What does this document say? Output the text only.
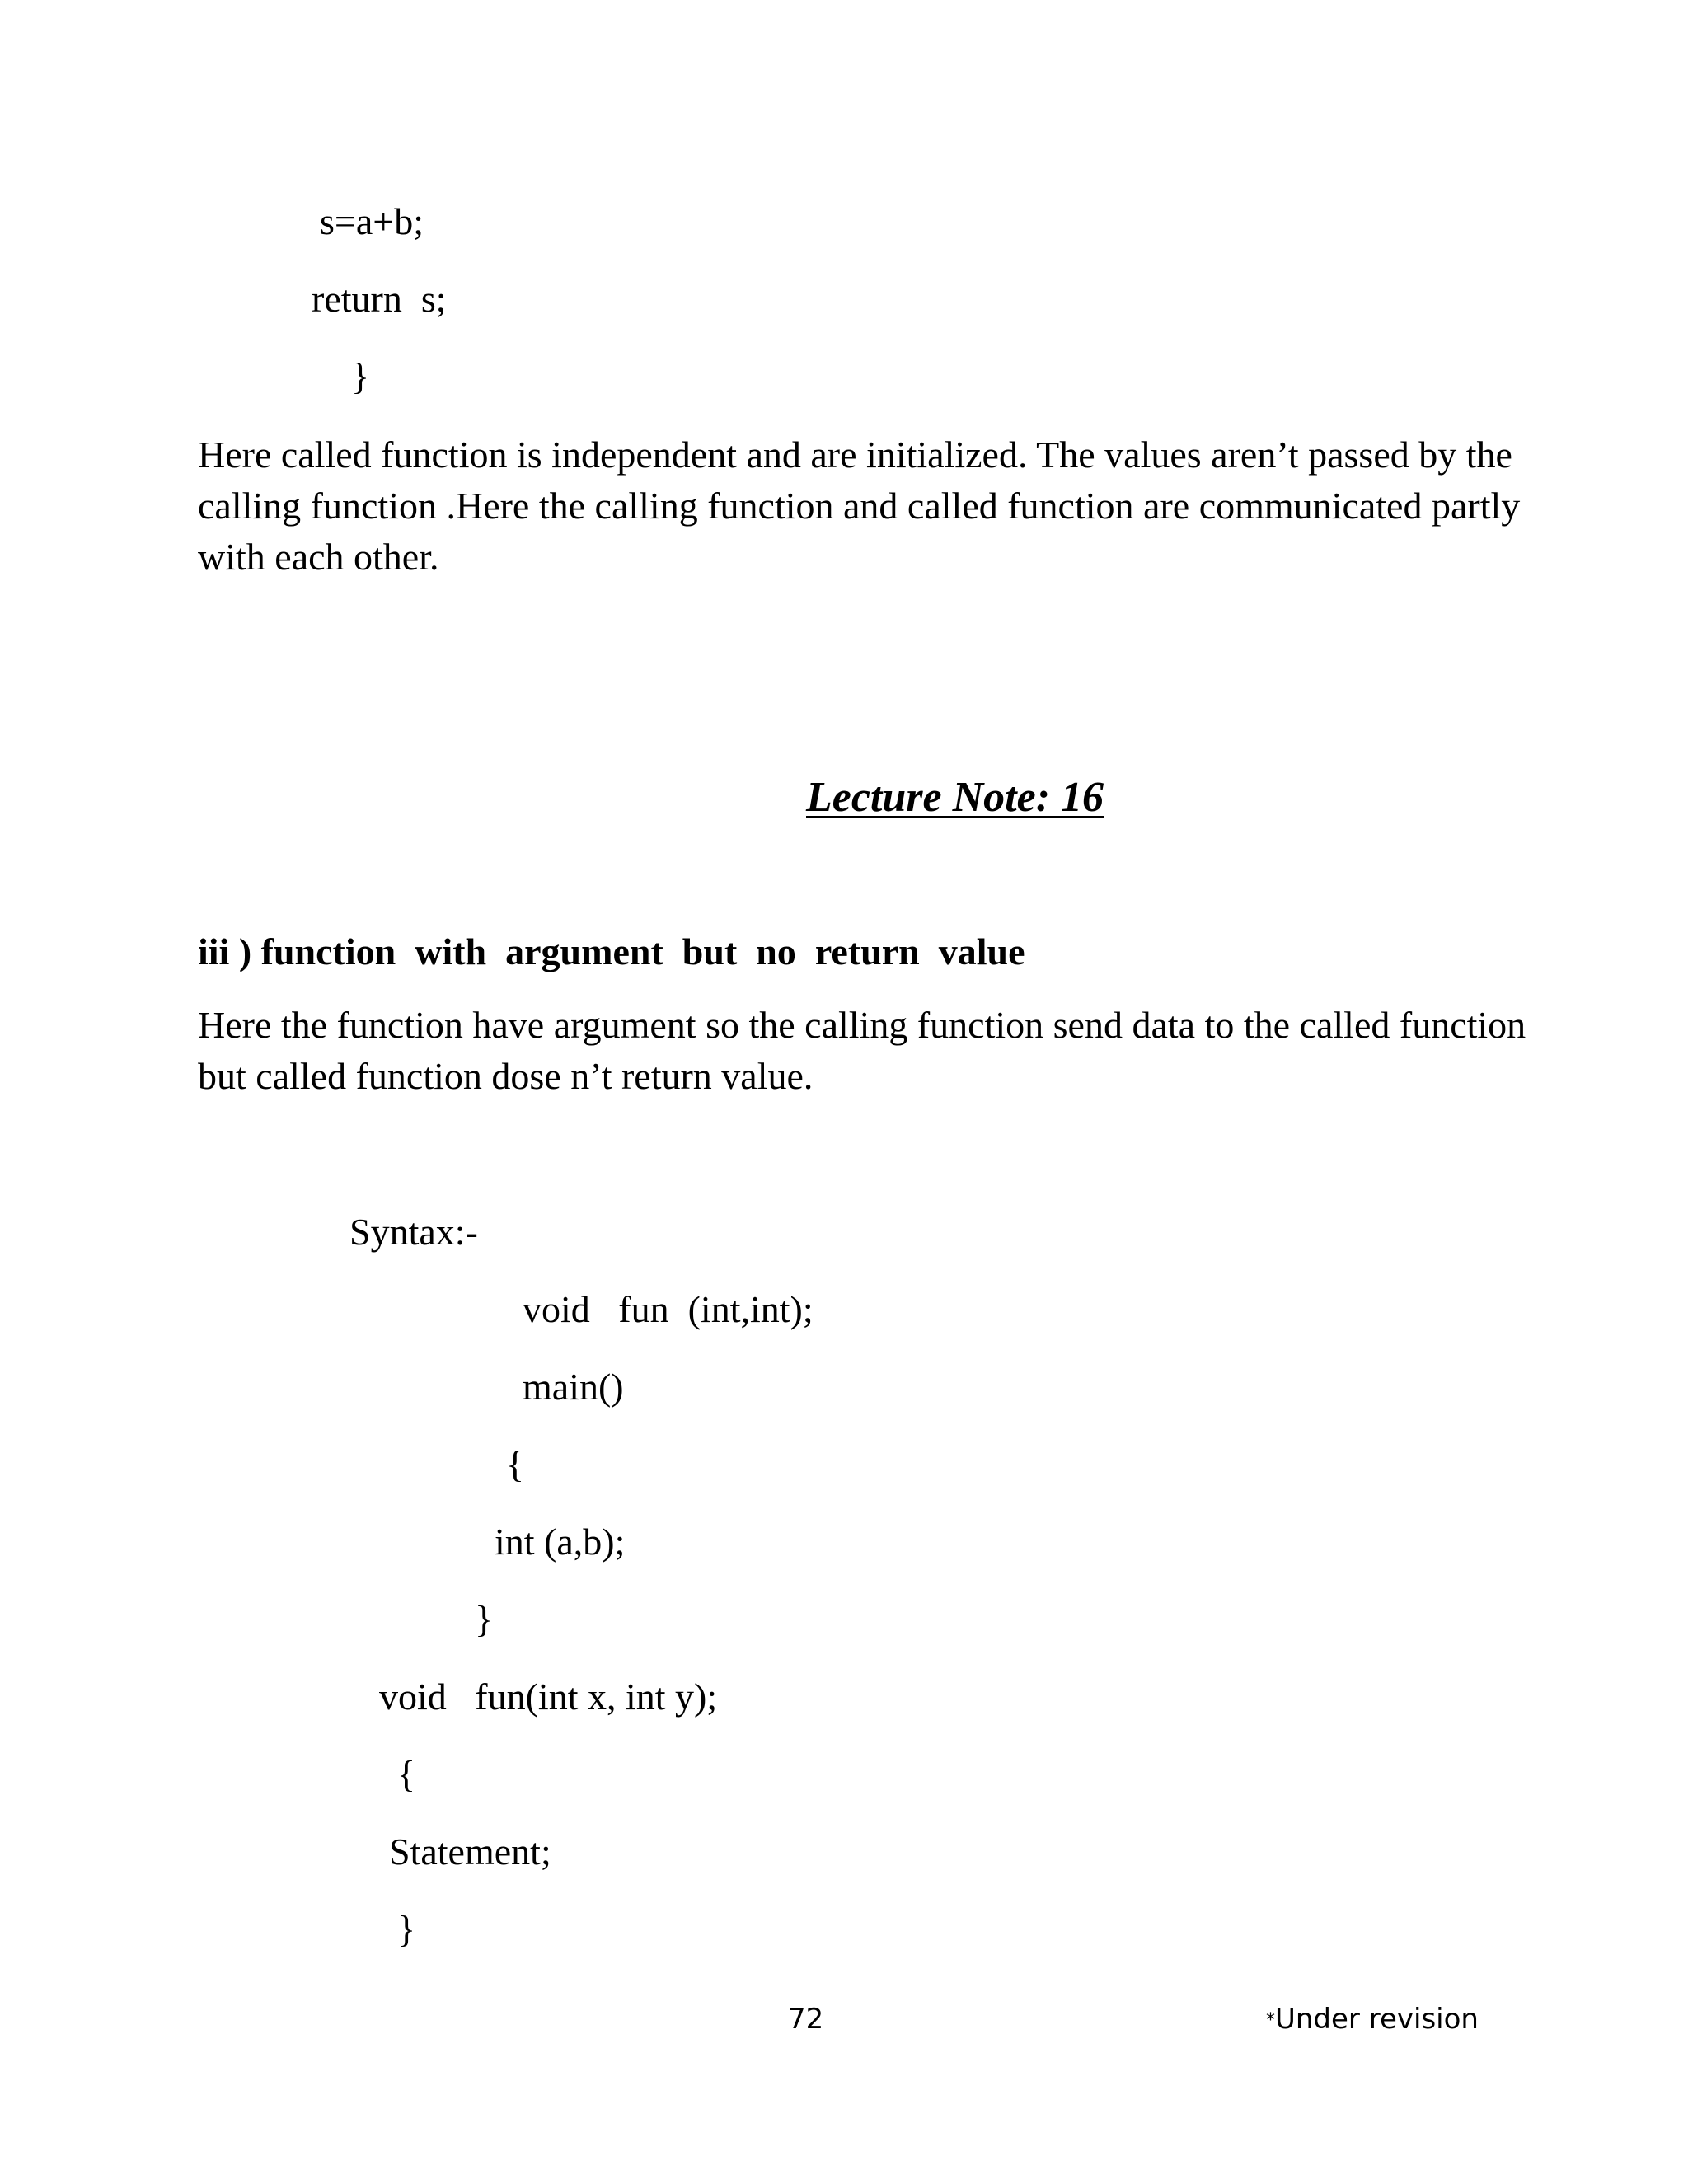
s=a+b;
return  s;
}

Here called function is independent and are initialized. The values aren’t passed by the calling function .Here the calling function and called function are communicated partly with each other.

Lecture Note: 16
iii ) function  with  argument  but  no  return  value

Here the function have argument so the calling function send data to the called function but called function dose n’t return value.

Syntax:-
void   fun  (int,int);
main()
{
int (a,b);
}
void   fun(int x, int y);
{
Statement;
}
72	*Under revision
